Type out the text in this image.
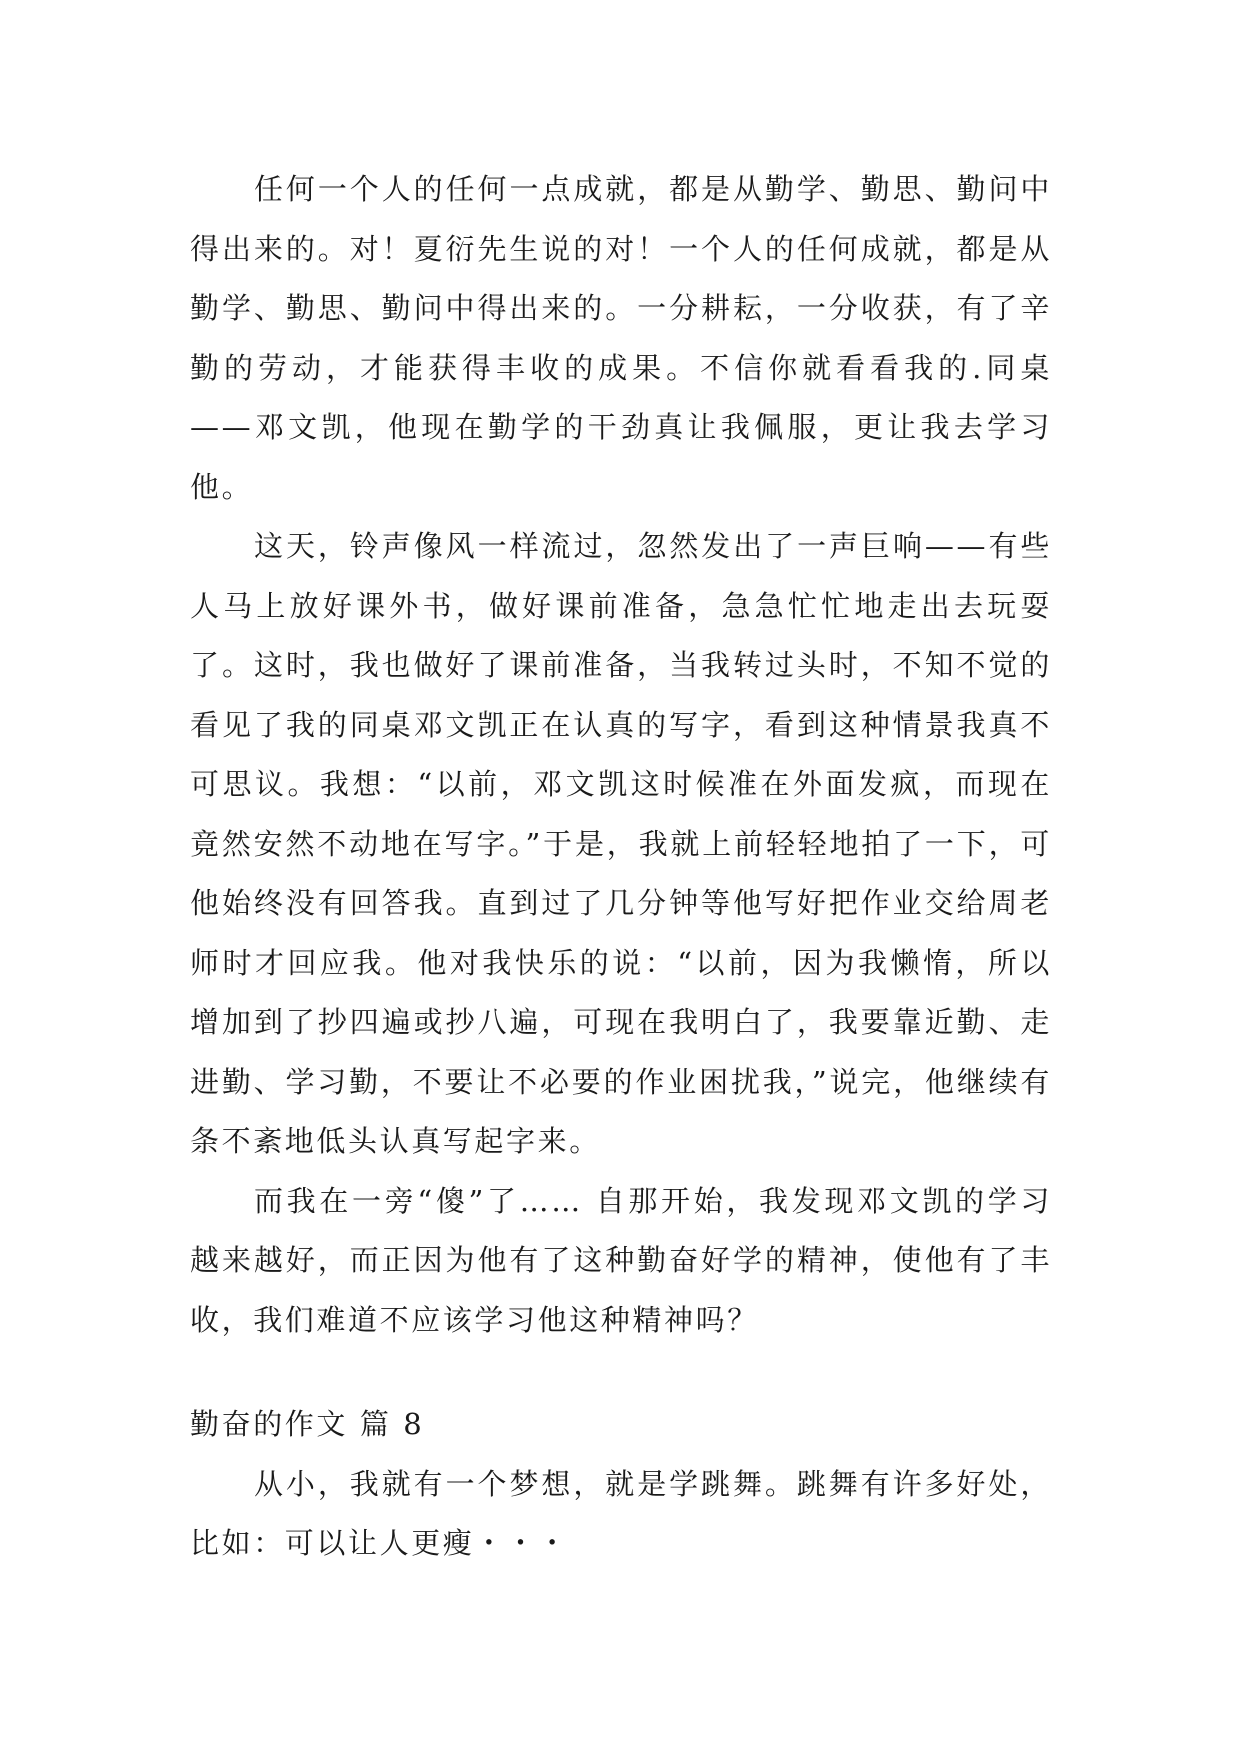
任何一个人的任何一点成就，都是从勤学、勤思、勤问中得出来的。对！夏衍先生说的对！一个人的任何成就，都是从勤学、勤思、勤问中得出来的。一分耕耘，一分收获，有了辛勤的劳动，才能获得丰收的成果。不信你就看看我的.同桌——邓文凯，他现在勤学的干劲真让我佩服，更让我去学习他。

这天，铃声像风一样流过，忽然发出了一声巨响——有些人马上放好课外书，做好课前准备，急急忙忙地走出去玩耍了。这时，我也做好了课前准备，当我转过头时，不知不觉的看见了我的同桌邓文凯正在认真的写字，看到这种情景我真不可思议。我想：“以前，邓文凯这时候准在外面发疯，而现在竟然安然不动地在写字。”于是，我就上前轻轻地拍了一下，可他始终没有回答我。直到过了几分钟等他写好把作业交给周老师时才回应我。他对我快乐的说：“以前，因为我懒惰，所以增加到了抄四遍或抄八遍，可现在我明白了，我要靠近勤、走进勤、学习勤，不要让不必要的作业困扰我，”说完，他继续有条不紊地低头认真写起字来。

而我在一旁“傻”了…… 自那开始，我发现邓文凯的学习越来越好，而正因为他有了这种勤奋好学的精神，使他有了丰收，我们难道不应该学习他这种精神吗？

勤奋的作文 篇 8

从小，我就有一个梦想，就是学跳舞。跳舞有许多好处，比如：可以让人更瘦・・・
